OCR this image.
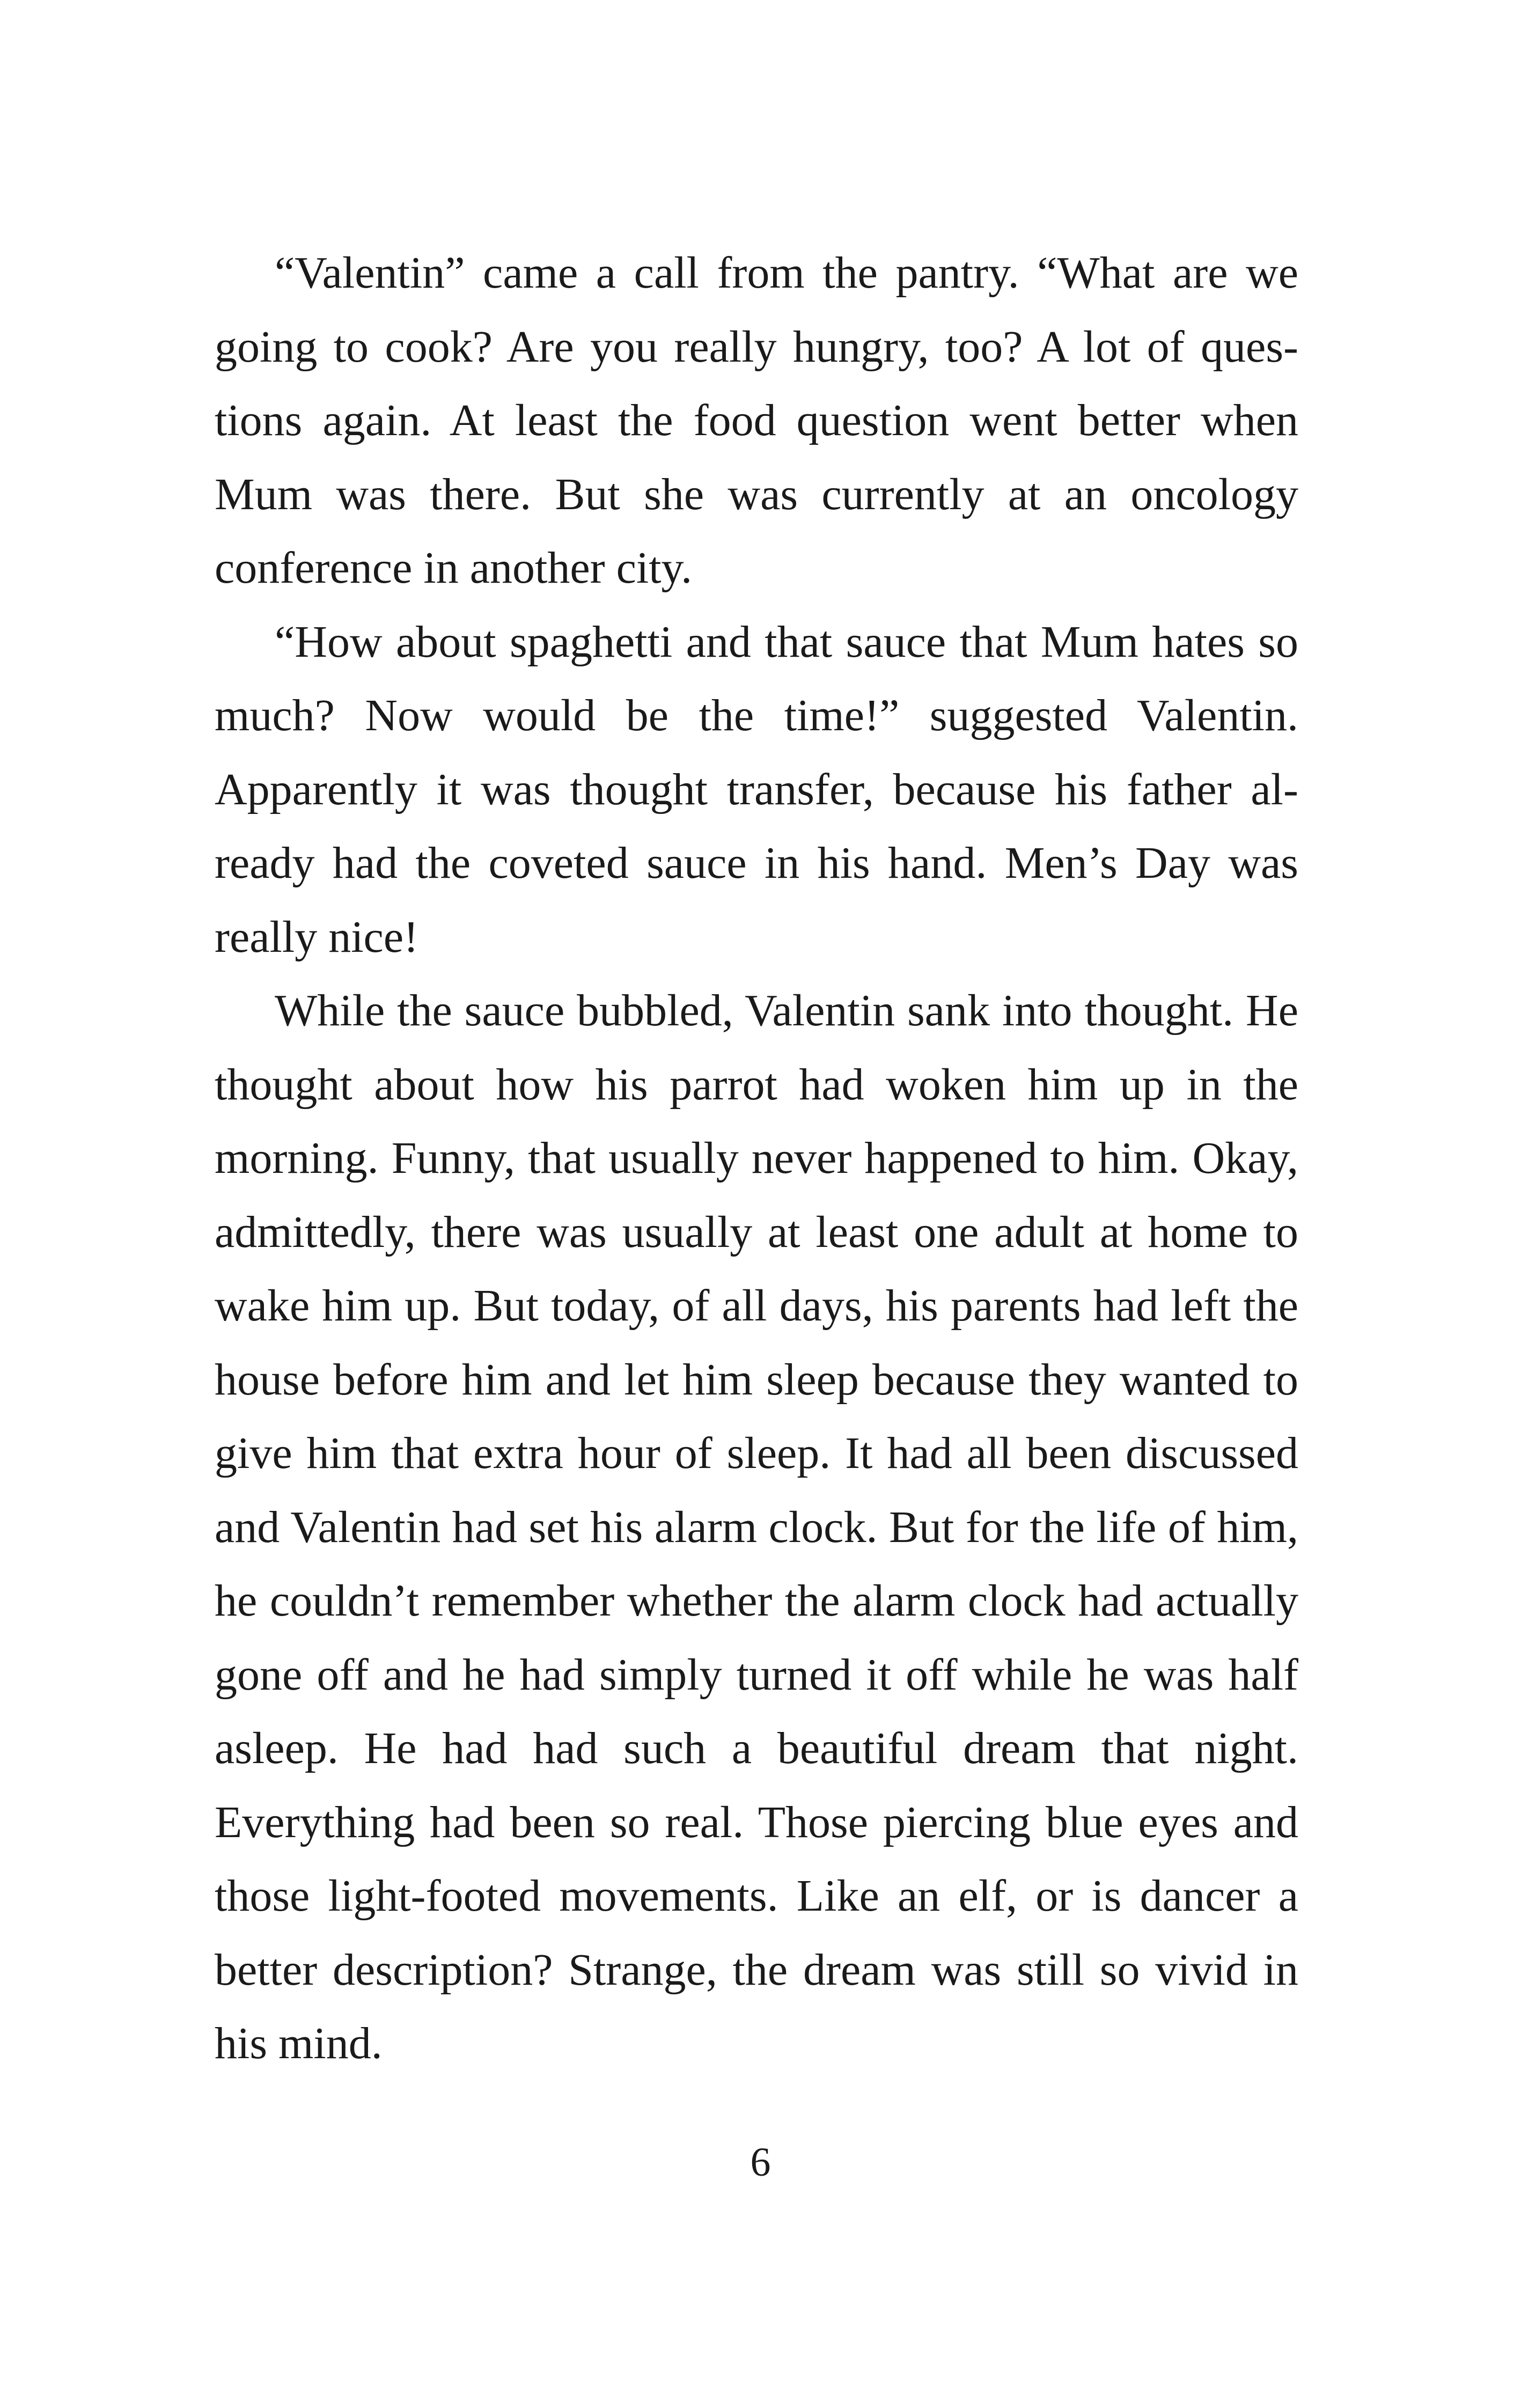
“Valentin” came a call from the pantry. “What are we going to cook? Are you really hungry, too? A lot of questions again. At least the food question went better when Mum was there. But she was currently at an oncology conference in another city.

“How about spaghetti and that sauce that Mum hates so much? Now would be the time!” suggested Valentin. Apparently it was thought transfer, because his father already had the coveted sauce in his hand. Men’s Day was really nice!

While the sauce bubbled, Valentin sank into thought. He thought about how his parrot had woken him up in the morning. Funny, that usually never happened to him. Okay, admittedly, there was usually at least one adult at home to wake him up. But today, of all days, his parents had left the house before him and let him sleep because they wanted to give him that extra hour of sleep. It had all been discussed and Valentin had set his alarm clock. But for the life of him, he couldn’t remember whether the alarm clock had actually gone off and he had simply turned it off while he was half asleep. He had had such a beautiful dream that night. Everything had been so real. Those piercing blue eyes and those light-footed movements. Like an elf, or is dancer a better description? Strange, the dream was still so vivid in his mind.

6
